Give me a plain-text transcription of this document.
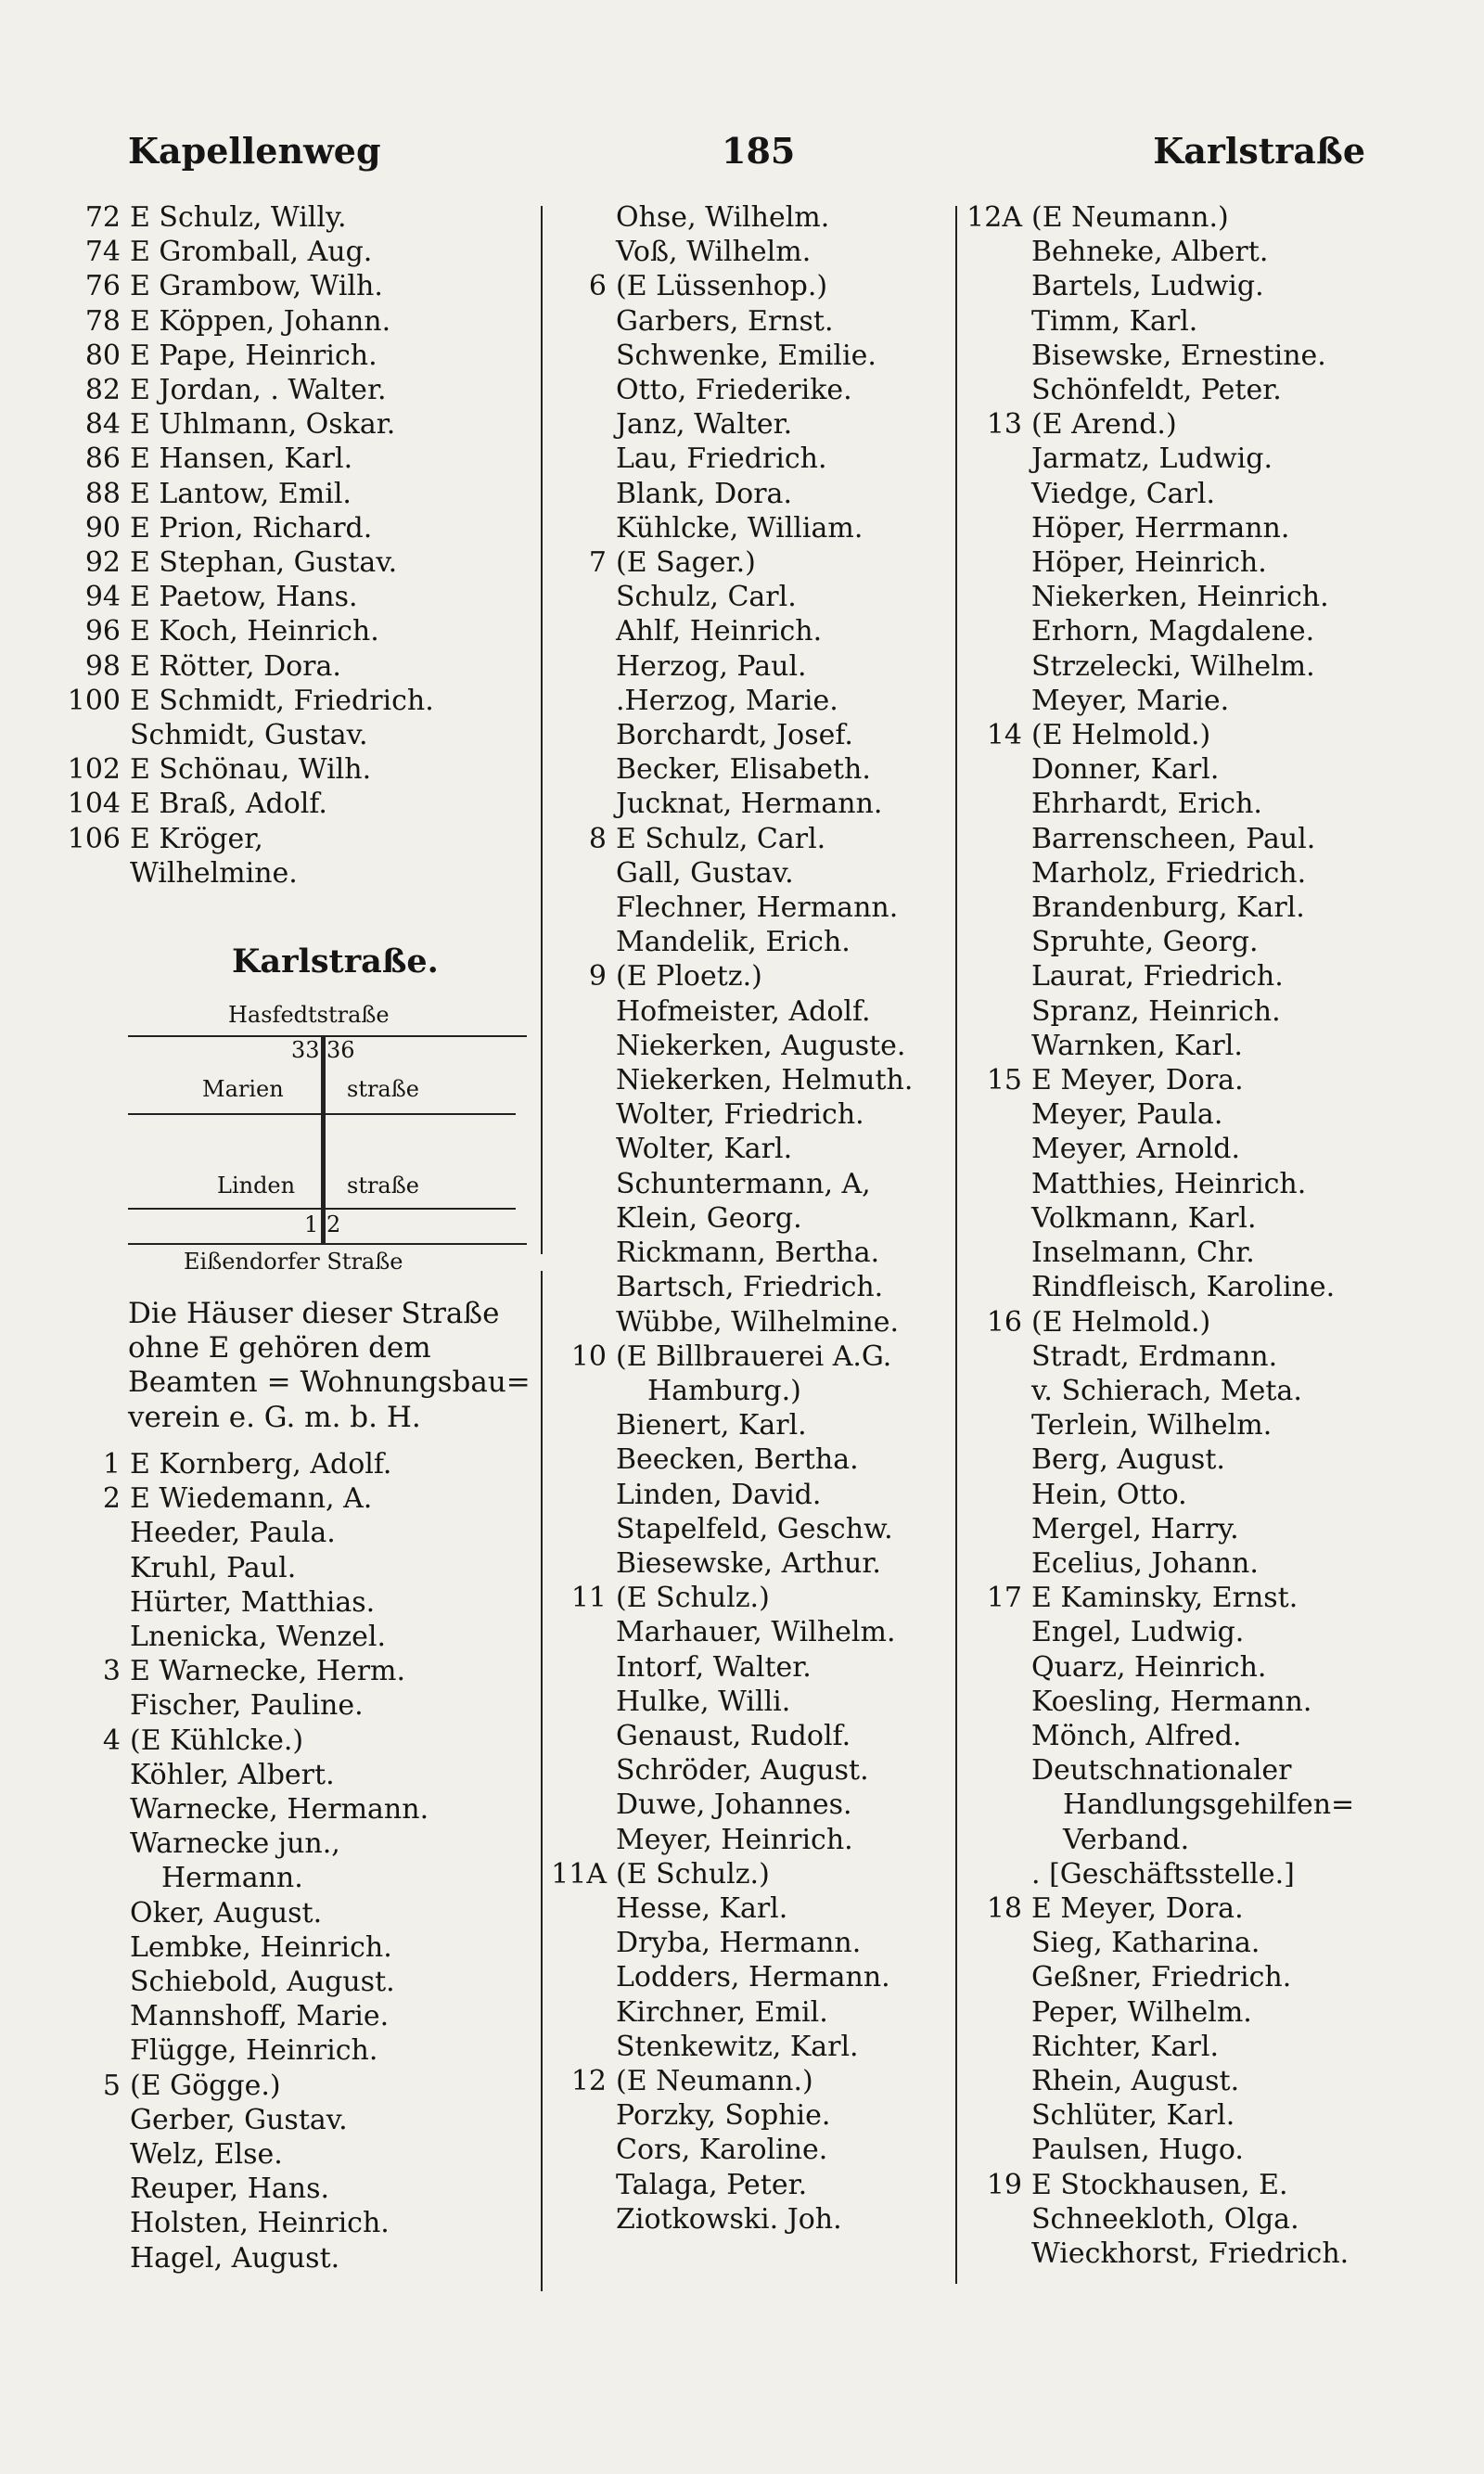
Kapellenweg	185	Karlstraße
72 E Schulz, Willy.
74 E Gromball, Aug.
76 E Grambow, Wilh.
78 E Köppen, Johann.
80 E Pape, Heinrich.
82 E Jordan, . Walter.
84 E Uhlmann, Oskar.
86 E Hansen, Karl.
88 E Lantow, Emil.
90 E Prion, Richard.
92 E Stephan, Gustav.
94 E Paetow, Hans.
96 E Koch, Heinrich.
98 E Rötter, Dora.
100 E Schmidt, Friedrich.
Schmidt, Gustav.
102 E Schönau, Wilh.
104 E Braß, Adolf.
106 E Kröger,
Wilhelmine.
Karlstraße.
Hasfedtstraße
33 36
Marien	straße
Linden straße
1 2
Eißendorfer Straße
Die Häuser dieser Straße ohne E gehören dem Beamten = Wohnungsbau= verein e. G. m. b. H.
1 E Kornberg, Adolf.
2 E Wiedemann, A.
Heeder, Paula.
Kruhl, Paul.
Hürter, Matthias.
Lnenicka, Wenzel.
3 E Warnecke, Herm.
Fischer, Pauline.
4 (E Kühlcke.)
Köhler, Albert.
Warnecke, Hermann.
Warnecke jun.,
Hermann.
Oker, August.
Lembke, Heinrich.
Schiebold, August.
Mannshoff, Marie.
Flügge, Heinrich.
5 (E Gögge.)
Gerber, Gustav.
Welz, Else.
Reuper, Hans.
Holsten, Heinrich.
Hagel, August.
Ohse, Wilhelm.
Voß, Wilhelm.
6 (E Lüssenhop.)
Garbers, Ernst.
Schwenke, Emilie.
Otto, Friederike.
Janz, Walter.
Lau, Friedrich.
Blank, Dora.
Kühlcke, William.
7 (E Sager.)
Schulz, Carl.
Ahlf, Heinrich.
Herzog, Paul.
.Herzog, Marie.
Borchardt, Josef.
Becker, Elisabeth.
Jucknat, Hermann.
8 E Schulz, Carl.
Gall, Gustav.
Flechner, Hermann.
Mandelik, Erich.
9 (E Ploetz.)
Hofmeister, Adolf.
Niekerken, Auguste.
Niekerken, Helmuth.
Wolter, Friedrich.
Wolter, Karl.
Schuntermann, A,
Klein, Georg.
Rickmann, Bertha.
Bartsch, Friedrich.
Wübbe, Wilhelmine.
10 (E Billbrauerei A.G.
Hamburg.)
Bienert, Karl.
Beecken, Bertha.
Linden, David.
Stapelfeld, Geschw.
Biesewske, Arthur.
11 (E Schulz.)
Marhauer, Wilhelm.
Intorf, Walter.
Hulke, Willi.
Genaust, Rudolf.
Schröder, August.
Duwe, Johannes.
Meyer, Heinrich.
11A (E Schulz.)
Hesse, Karl.
Dryba, Hermann.
Lodders, Hermann.
Kirchner, Emil.
Stenkewitz, Karl.
12 (E Neumann.)
Porzky, Sophie.
Cors, Karoline.
Talaga, Peter.
Ziotkowski. Joh.
12A (E Neumann.)
Behneke, Albert.
Bartels, Ludwig.
Timm, Karl.
Bisewske, Ernestine.
Schönfeldt, Peter.
13 (E Arend.)
Jarmatz, Ludwig.
Viedge, Carl.
Höper, Herrmann.
Höper, Heinrich.
Niekerken, Heinrich.
Erhorn, Magdalene.
Strzelecki, Wilhelm.
Meyer, Marie.
14 (E Helmold.)
Donner, Karl.
Ehrhardt, Erich.
Barrenscheen, Paul.
Marholz, Friedrich.
Brandenburg, Karl.
Spruhte, Georg.
Laurat, Friedrich.
Spranz, Heinrich.
Warnken, Karl.
15 E Meyer, Dora.
Meyer, Paula.
Meyer, Arnold.
Matthies, Heinrich.
Volkmann, Karl.
Inselmann, Chr.
Rindfleisch, Karoline.
16 (E Helmold.)
Stradt, Erdmann.
v. Schierach, Meta.
Terlein, Wilhelm.
Berg, August.
Hein, Otto.
Mergel, Harry.
Ecelius, Johann.
17 E Kaminsky, Ernst.
Engel, Ludwig.
Quarz, Heinrich.
Koesling, Hermann.
Mönch, Alfred.
Deutschnationaler
Handlungsgehilfen=
Verband.
. [Geschäftsstelle.]
18 E Meyer, Dora.
Sieg, Katharina.
Geßner, Friedrich.
Peper, Wilhelm.
Richter, Karl.
Rhein, August.
Schlüter, Karl.
Paulsen, Hugo.
19 E Stockhausen, E.
Schneekloth, Olga.
Wieckhorst, Friedrich.
